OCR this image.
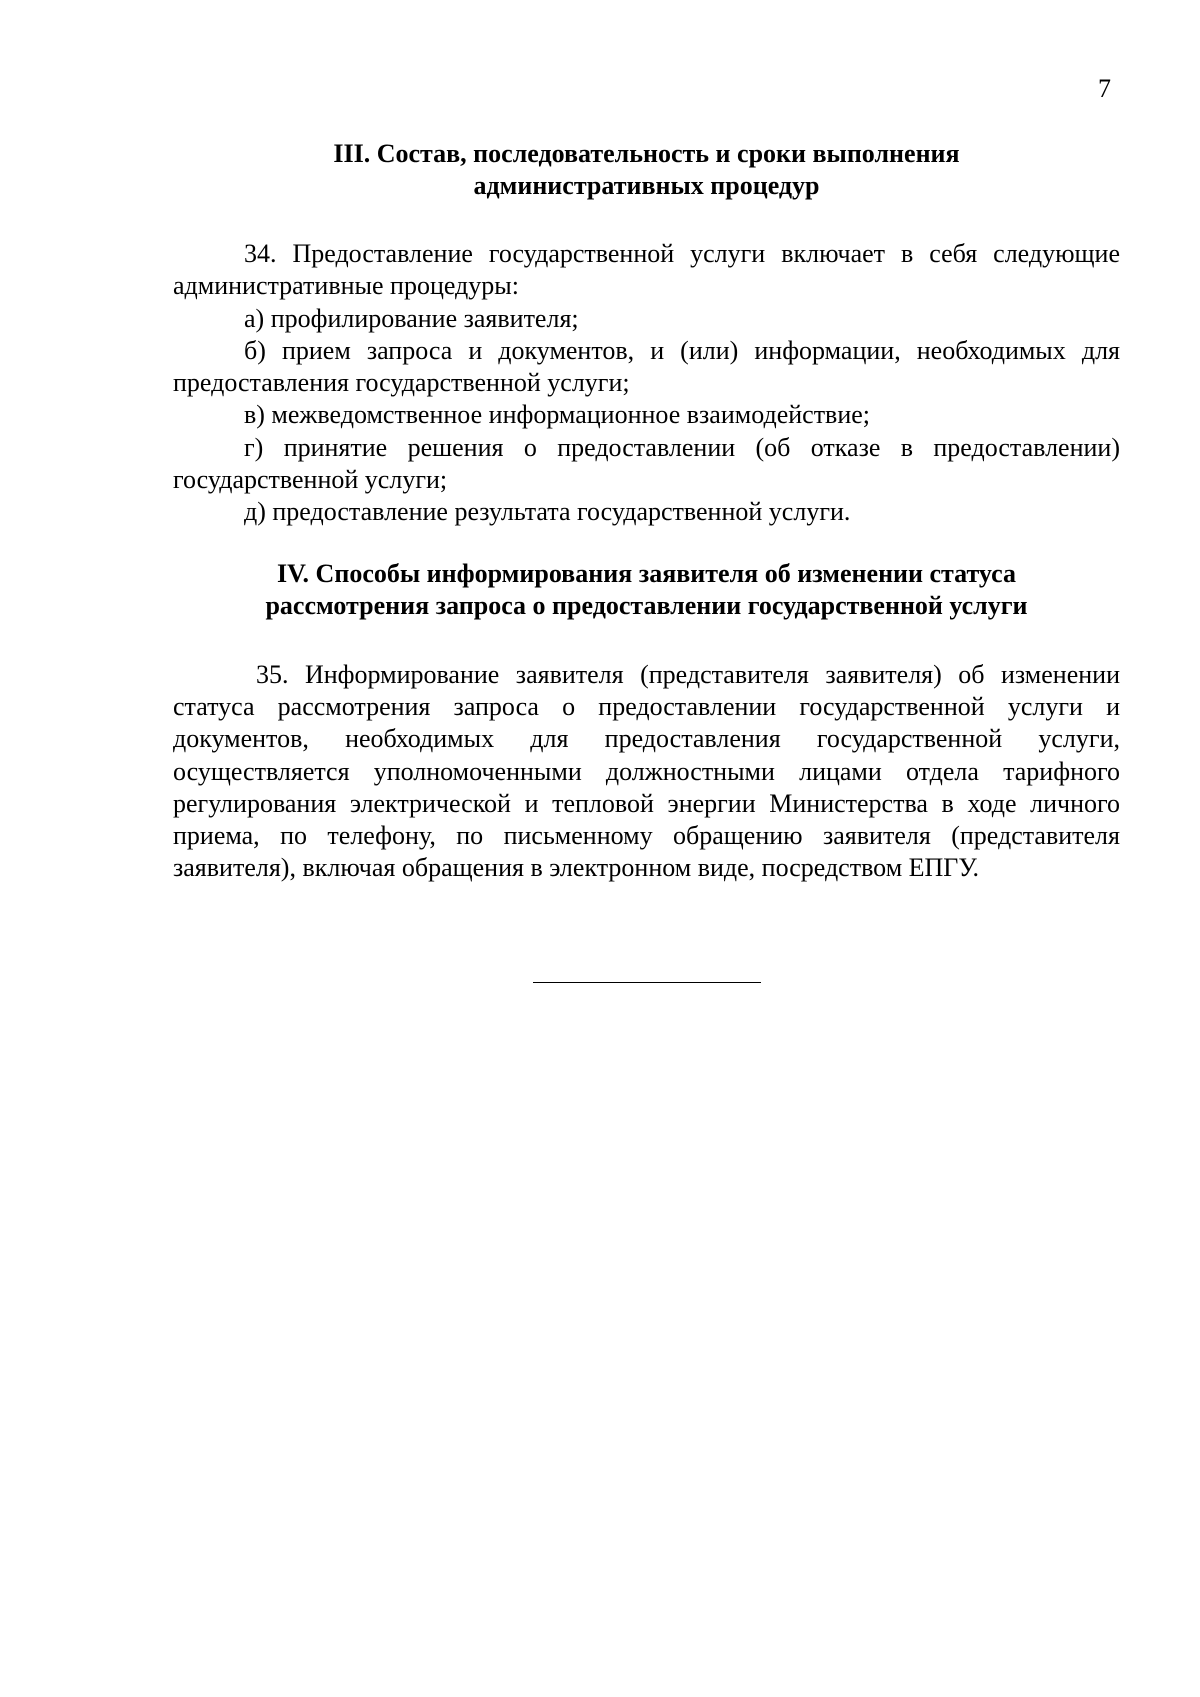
7
III. Состав, последовательность и сроки выполнения
административных процедур

34. Предоставление государственной услуги включает в себя следующие административные процедуры:

а) профилирование заявителя;

б) прием запроса и документов, и (или) информации, необходимых для предоставления государственной услуги;

в) межведомственное информационное взаимодействие;

г) принятие решения о предоставлении (об отказе в предоставлении) государственной услуги;

д) предоставление результата государственной услуги.

IV. Способы информирования заявителя об изменении статуса
рассмотрения запроса о предоставлении государственной услуги

35. Информирование заявителя (представителя заявителя) об изменении статуса рассмотрения запроса о предоставлении государственной услуги и документов, необходимых для предоставления государственной услуги, осуществляется уполномоченными должностными лицами отдела тарифного регулирования электрической и тепловой энергии Министерства в ходе личного приема, по телефону, по письменному обращению заявителя (представителя заявителя), включая обращения в электронном виде, посредством ЕПГУ.
